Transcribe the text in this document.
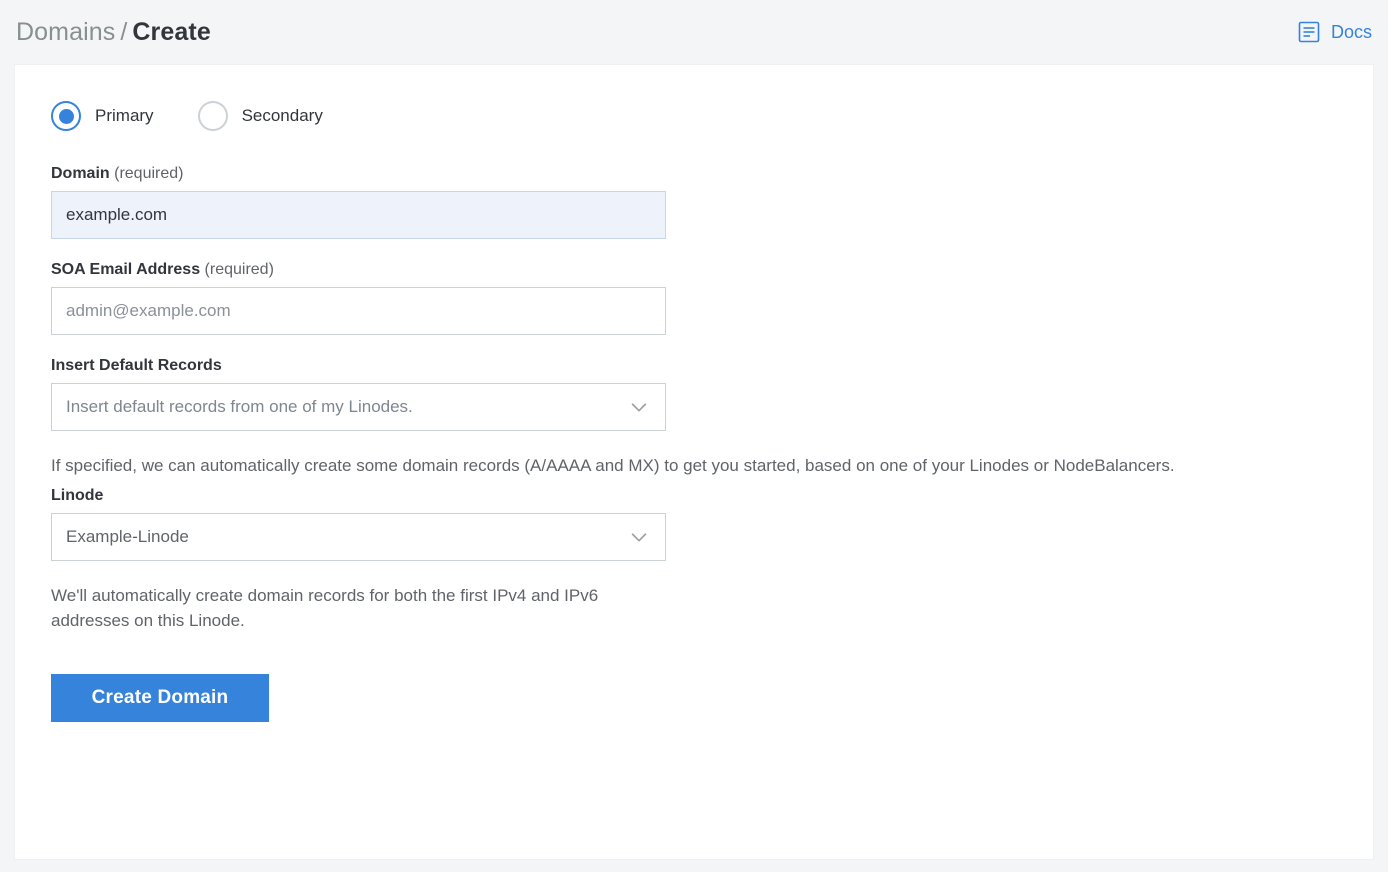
Domains / Create	Docs
Primary	Secondary
Domain (required)
example.com
SOA Email Address (required)
admin@example.com
Insert Default Records
Insert default records from one of my Linodes.
If specified, we can automatically create some domain records (A/AAAA and MX) to get you started, based on one of your Linodes or NodeBalancers.
Linode
Example-Linode
We'll automatically create domain records for both the first IPv4 and IPv6 addresses on this Linode.
Create Domain
